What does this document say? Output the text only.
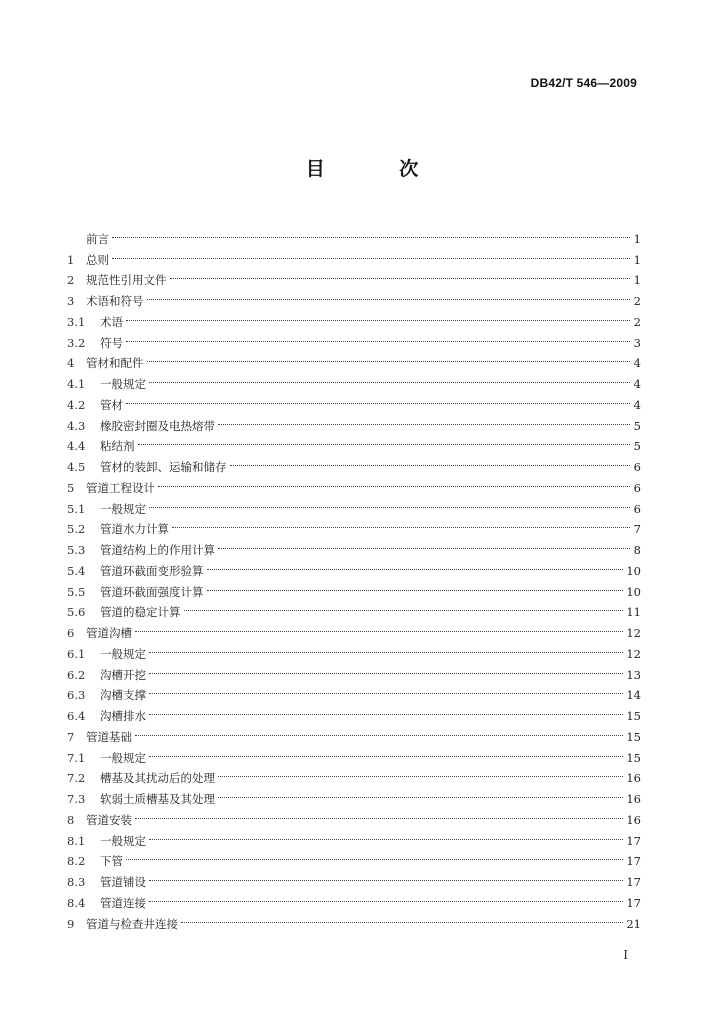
DB42/T 546—2009
目 次
前言	1
1	总则	1
2	规范性引用文件	1
3	术语和符号	2
3.1	术语	2
3.2	符号	3
4	管材和配件	4
4.1	一般规定	4
4.2	管材	4
4.3	橡胶密封圈及电热熔带	5
4.4	粘结剂	5
4.5	管材的装卸、运输和储存	6
5	管道工程设计	6
5.1	一般规定	6
5.2	管道水力计算	7
5.3	管道结构上的作用计算	8
5.4	管道环截面变形验算	10
5.5	管道环截面强度计算	10
5.6	管道的稳定计算	11
6	管道沟槽	12
6.1	一般规定	12
6.2	沟槽开挖	13
6.3	沟槽支撑	14
6.4	沟槽排水	15
7	管道基础	15
7.1	一般规定	15
7.2	槽基及其扰动后的处理	16
7.3	软弱土质槽基及其处理	16
8	管道安装	16
8.1	一般规定	17
8.2	下管	17
8.3	管道铺设	17
8.4	管道连接	17
9	管道与检查井连接	21
I
